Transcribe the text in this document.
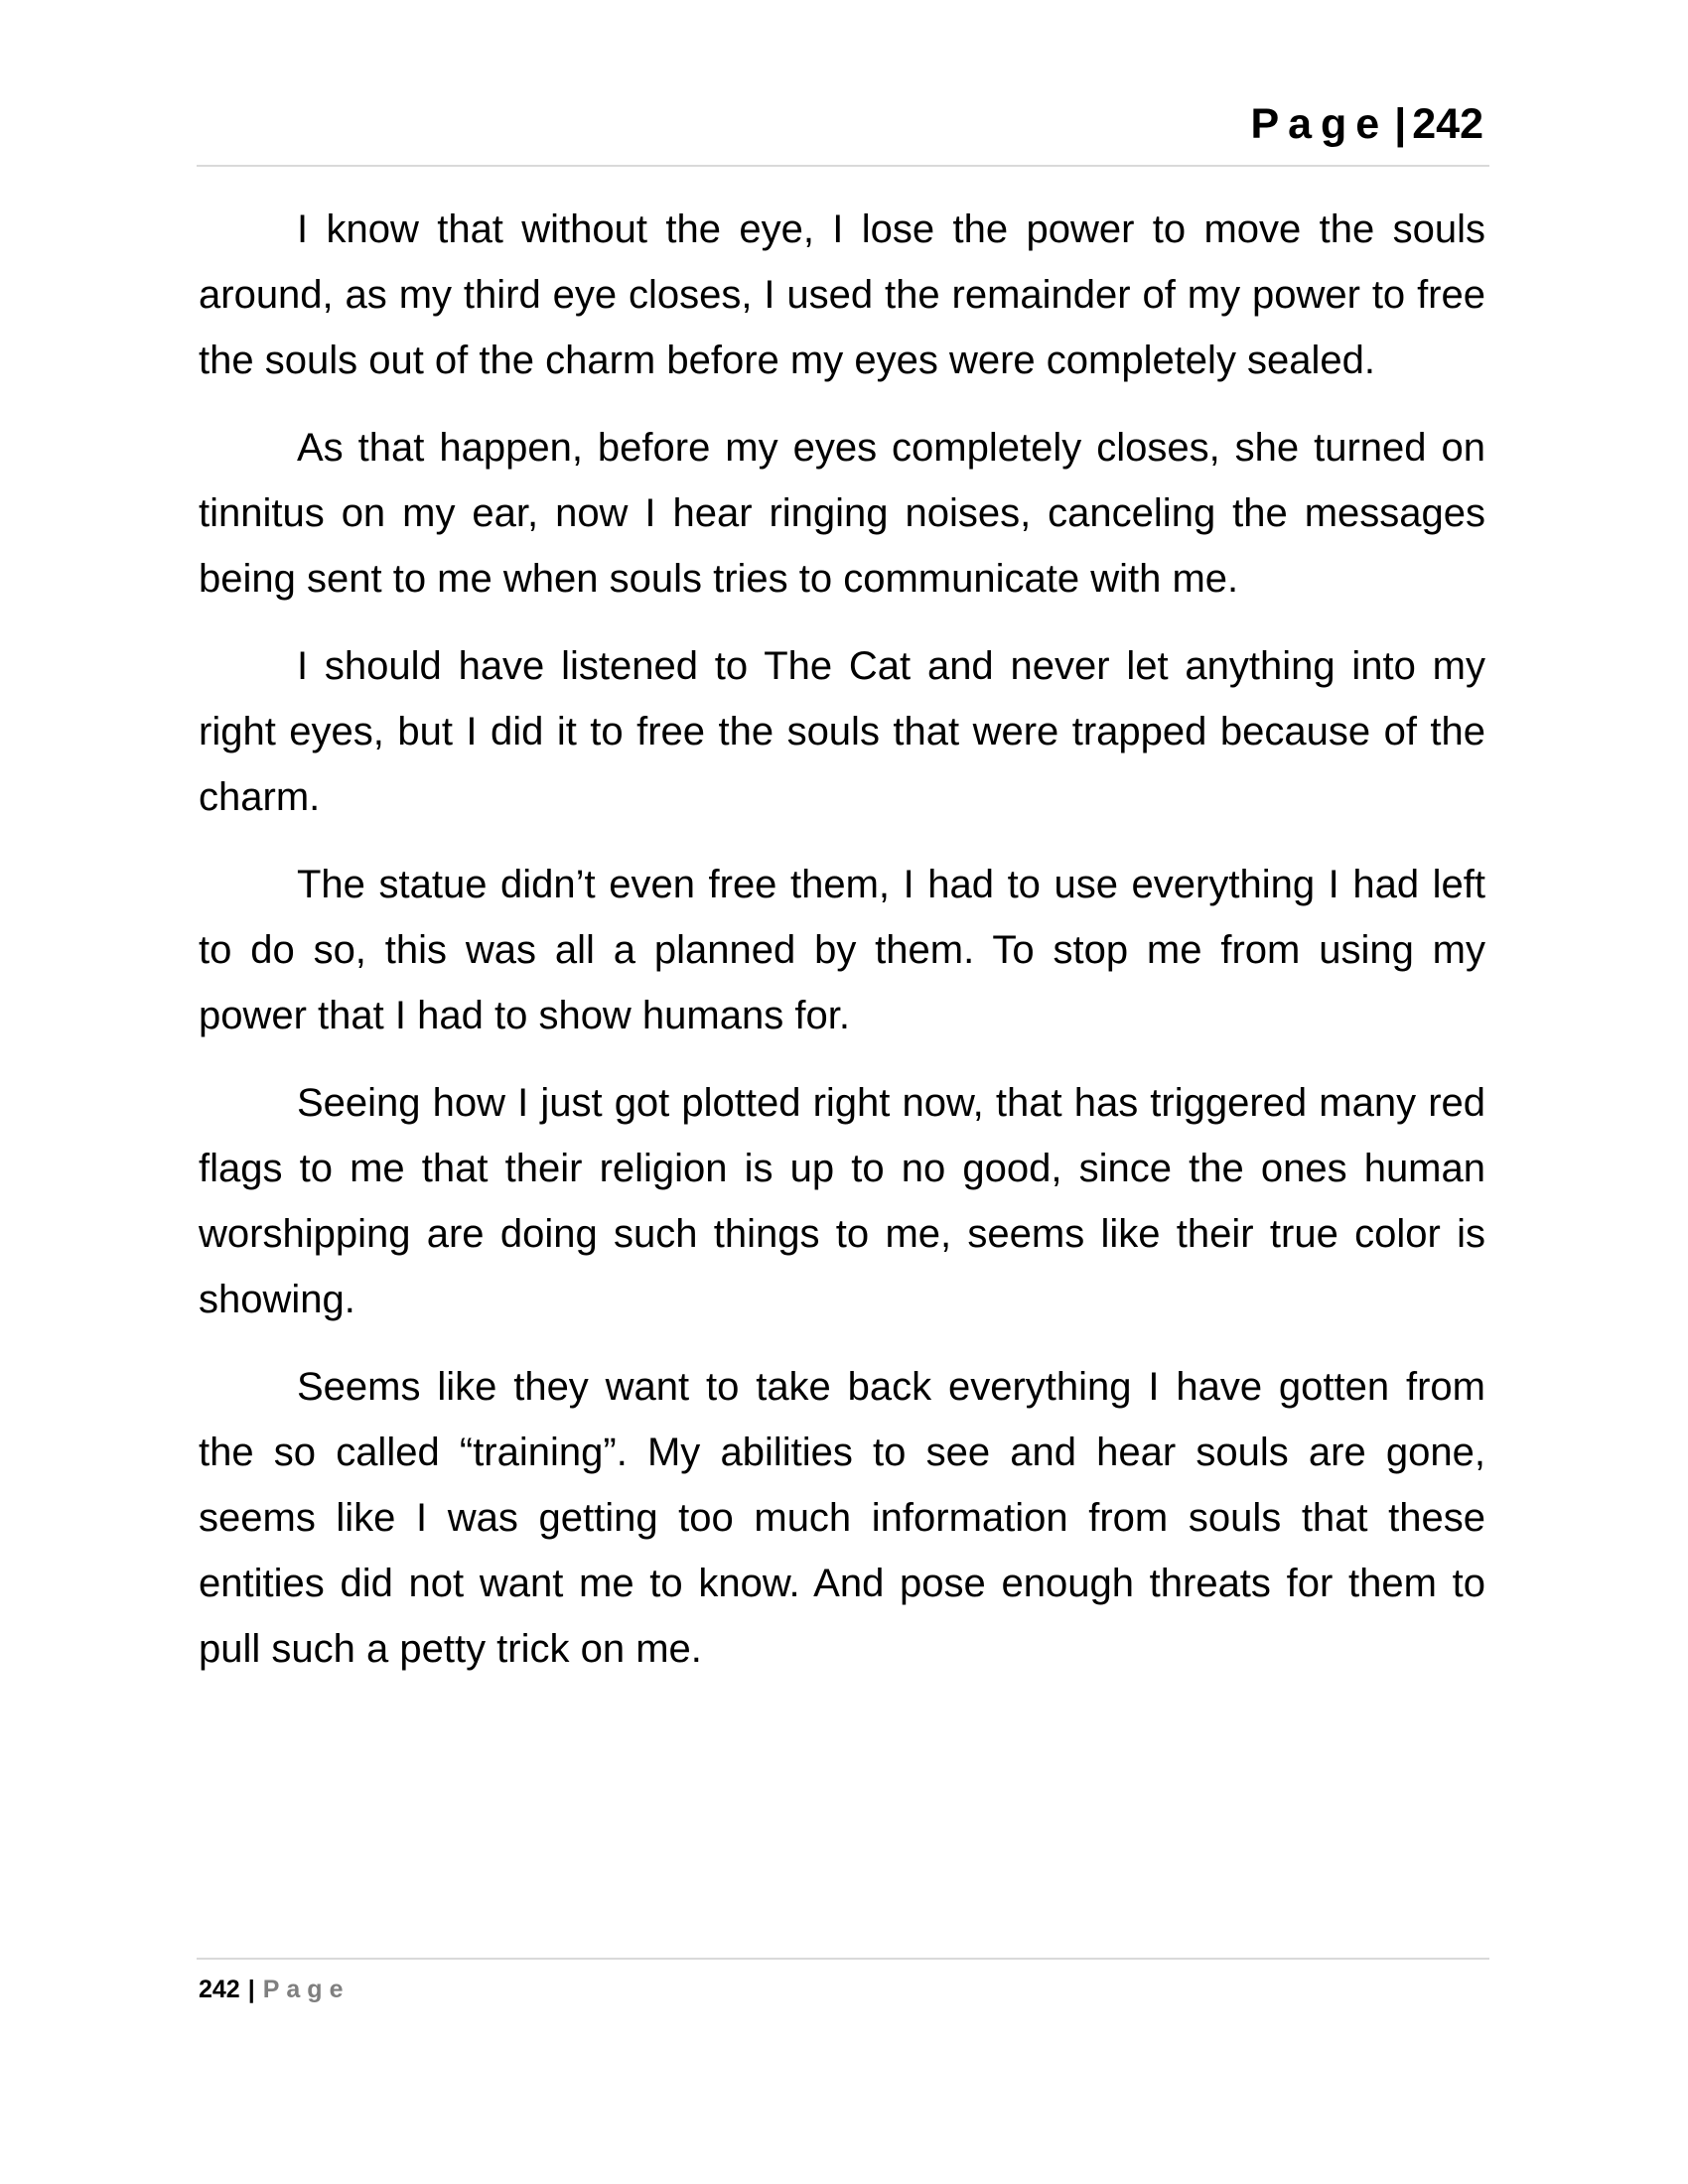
Page | 242

I know that without the eye, I lose the power to move the souls around, as my third eye closes, I used the remainder of my power to free the souls out of the charm before my eyes were completely sealed.

As that happen, before my eyes completely closes, she turned on tinnitus on my ear, now I hear ringing noises, canceling the messages being sent to me when souls tries to communicate with me.

I should have listened to The Cat and never let anything into my right eyes, but I did it to free the souls that were trapped because of the charm.

The statue didn’t even free them, I had to use everything I had left to do so, this was all a planned by them. To stop me from using my power that I had to show humans for.

Seeing how I just got plotted right now, that has triggered many red flags to me that their religion is up to no good, since the ones human worshipping are doing such things to me, seems like their true color is showing.

Seems like they want to take back everything I have gotten from the so called “training”. My abilities to see and hear souls are gone, seems like I was getting too much information from souls that these entities did not want me to know. And pose enough threats for them to pull such a petty trick on me.

242 | Page
